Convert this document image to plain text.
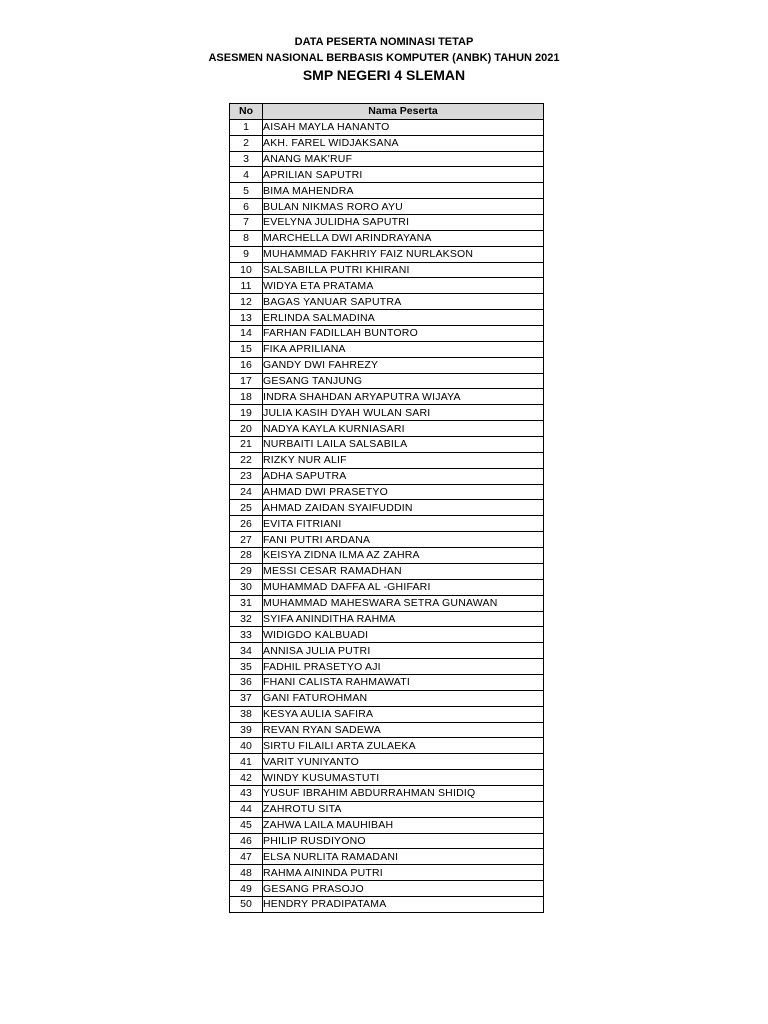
DATA PESERTA NOMINASI TETAP
ASESMEN NASIONAL BERBASIS KOMPUTER (ANBK) TAHUN 2021
SMP NEGERI 4 SLEMAN
No	Nama Peserta
1	AISAH MAYLA HANANTO
2	AKH. FAREL WIDJAKSANA
3	ANANG MAK'RUF
4	APRILIAN SAPUTRI
5	BIMA MAHENDRA
6	BULAN NIKMAS RORO AYU
7	EVELYNA JULIDHA SAPUTRI
8	MARCHELLA DWI ARINDRAYANA
9	MUHAMMAD FAKHRIY FAIZ NURLAKSON
10	SALSABILLA PUTRI KHIRANI
11	WIDYA ETA PRATAMA
12	BAGAS YANUAR SAPUTRA
13	ERLINDA SALMADINA
14	FARHAN FADILLAH BUNTORO
15	FIKA APRILIANA
16	GANDY DWI FAHREZY
17	GESANG TANJUNG
18	INDRA SHAHDAN ARYAPUTRA WIJAYA
19	JULIA KASIH DYAH WULAN SARI
20	NADYA KAYLA KURNIASARI
21	NURBAITI LAILA SALSABILA
22	RIZKY NUR ALIF
23	ADHA SAPUTRA
24	AHMAD DWI PRASETYO
25	AHMAD ZAIDAN SYAIFUDDIN
26	EVITA FITRIANI
27	FANI PUTRI ARDANA
28	KEISYA ZIDNA ILMA AZ ZAHRA
29	MESSI CESAR RAMADHAN
30	MUHAMMAD DAFFA AL -GHIFARI
31	MUHAMMAD MAHESWARA SETRA GUNAWAN
32	SYIFA ANINDITHA RAHMA
33	WIDIGDO KALBUADI
34	ANNISA JULIA PUTRI
35	FADHIL PRASETYO AJI
36	FHANI CALISTA RAHMAWATI
37	GANI FATUROHMAN
38	KESYA AULIA SAFIRA
39	REVAN RYAN SADEWA
40	SIRTU FILAILI ARTA ZULAEKA
41	VARIT YUNIYANTO
42	WINDY KUSUMASTUTI
43	YUSUF IBRAHIM ABDURRAHMAN SHIDIQ
44	ZAHROTU SITA
45	ZAHWA LAILA MAUHIBAH
46	PHILIP RUSDIYONO
47	ELSA NURLITA RAMADANI
48	RAHMA AININDA PUTRI
49	GESANG PRASOJO
50	HENDRY PRADIPATAMA
